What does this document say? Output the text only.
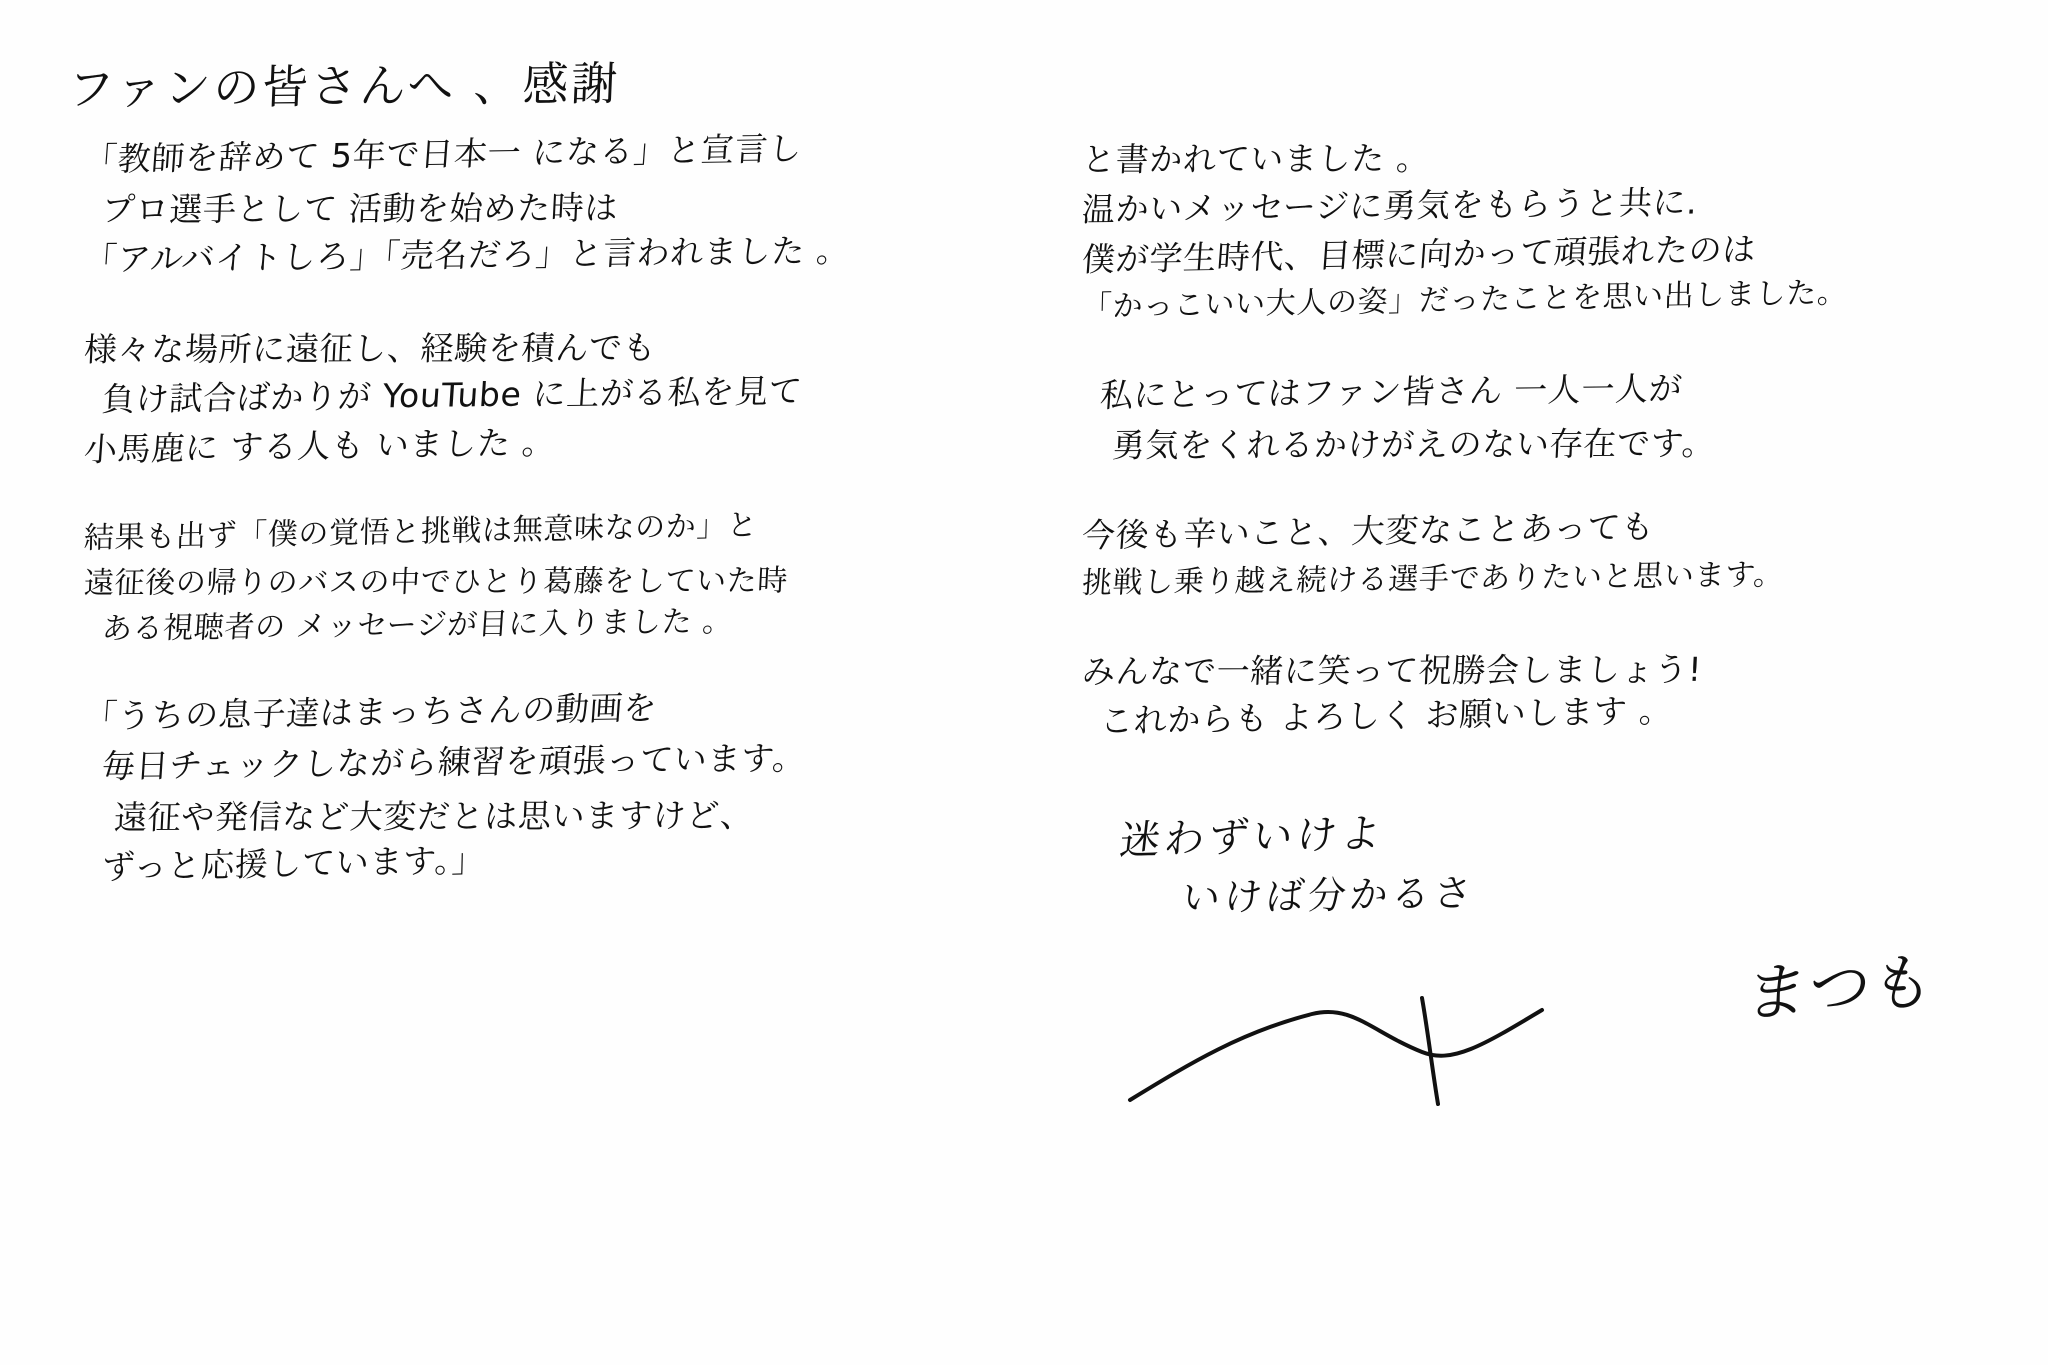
ファンの皆さんへ 、感謝
「教師を辞めて 5年で日本一 になる」と宣言し
プロ選手として 活動を始めた時は
「アルバイトしろ」「売名だろ」と言われました 。
様々な場所に遠征し、経験を積んでも
負け試合ばかりが YouTube に上がる私を見て
小馬鹿に する人も いました 。
結果も出ず「僕の覚悟と挑戦は無意味なのか」と
遠征後の帰りのバスの中でひとり葛藤をしていた時
ある視聴者の メッセージが目に入りました 。
「うちの息子達はまっちさんの動画を
毎日チェックしながら練習を頑張っています。
遠征や発信など大変だとは思いますけど、
ずっと応援しています。」
と書かれていました 。
温かいメッセージに勇気をもらうと共に.
僕が学生時代、目標に向かって頑張れたのは
「かっこいい大人の姿」だったことを思い出しました。
私にとってはファン皆さん 一人一人が
勇気をくれるかけがえのない存在です。
今後も辛いこと、大変なことあっても
挑戦し乗り越え続ける選手でありたいと思います。
みんなで一緒に笑って祝勝会しましょう!
これからも よろしく お願いします 。
迷わずいけよ
いけば分かるさ
まつも
